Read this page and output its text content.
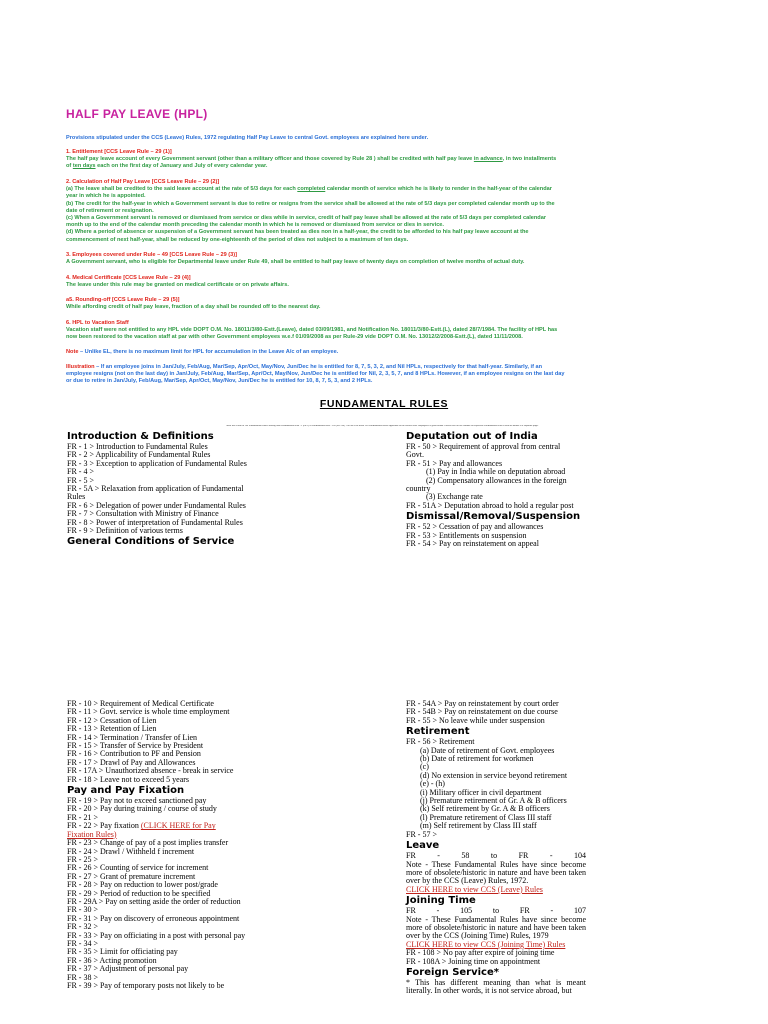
HALF PAY LEAVE (HPL)
Provisions stipulated under the CCS (Leave) Rules, 1972 regulating Half Pay Leave to central Govt. employees are explained here under.

1. Entitlement [CCS Leave Rule – 29 (1)]

The half pay leave account of every Government servant (other than a military officer and those covered by Rule 28 ) shall be credited with half pay leave in advance, in two installments

of ten days each on the first day of January and July of every calendar year.

2. Calculation of Half Pay Leave [CCS Leave Rule – 29 (2)]

(a) The leave shall be credited to the said leave account at the rate of 5/3 days for each completed calendar month of service which he is likely to render in the half-year of the calendar

year in which he is appointed.

(b) The credit for the half-year in which a Government servant is due to retire or resigns from the service shall be allowed at the rate of 5/3 days per completed calendar month up to the

date of retirement or resignation.

(c) When a Government servant is removed or dismissed from service or dies while in service, credit of half pay leave shall be allowed at the rate of 5/3 days per completed calendar

month up to the end of the calendar month preceding the calendar month in which he is removed or dismissed from service or dies in service.

(d) Where a period of absence or suspension of a Government servant has been treated as dies non in a half-year, the credit to be afforded to his half pay leave account at the

commencement of next half-year, shall be reduced by one-eighteenth of the period of dies not subject to a maximum of ten days.

3. Employees covered under Rule – 49 [CCS Leave Rule – 29 (3)]

A Government servant, who is eligible for Departmental leave under Rule 49, shall be entitled to half pay leave of twenty days on completion of twelve months of actual duty.

4. Medical Certificate [CCS Leave Rule – 29 (4)]

The leave under this rule may be granted on medical certificate or on private affairs.

a5. Rounding-off [CCS Leave Rule – 29 (5)]

While affording credit of half pay leave, fraction of a day shall be rounded off to the nearest day.

6. HPL to Vacation Staff

Vacation staff were not entitled to any HPL vide DOPT O.M. No. 18011/3/80-Estt.(Leave), dated 03/09/1981, and Notification No. 18011/3/80-Estt.(L), dated 28/7/1984. The facility of HPL has

now been restored to the vacation staff at par with other Government employees w.e.f 01/09/2008 as per Rule-29 vide DOPT O.M. No. 13012/2/2008-Estt.(L), dated 11/11/2008.

Note – Unlike EL, there is no maximum limit for HPL for accumulation in the Leave A/c of an employee.

Illustration – If an employee joins in Jan/July, Feb/Aug, Mar/Sep, Apr/Oct, May/Nov, Jun/Dec he is entitled for 8, 7, 5, 3, 2, and Nil HPLs, respectively for that half-year. Similarly, if an

employee resigns (not on the last day) in Jan/July, Feb/Aug, Mar/Sep, Apr/Oct, May/Nov, Jun/Dec he is entitled for Nil, 2, 3, 5, 7, and 8 HPLs. However, if an employee resigns on the last day

or due to retire in Jan/July, Feb/Aug, Mar/Sep, Apr/Oct, May/Nov, Jun/Dec he is entitled for 10, 8, 7, 5, 3, and 2 HPLs.

FUNDAMENTAL RULES
There are a total of 134 Fundamental Rules starting from Fundamental Rule - 1 (FR 1) to Fundamental Rule - 134 (FR 134). The list of all these 134 Fundamental Rules applicable to the central Govt. employees is given below. Please click on the number of respective Fundamental Rule to view its details in a separate page.
Introduction & Definitions
FR - 1 > Introduction to Fundamental Rules
FR - 2 > Applicability of Fundamental Rules
FR - 3 > Exception to application of Fundamental Rules
FR - 4 >
FR - 5 >
FR - 5A > Relaxation from application of Fundamental
Rules
FR - 6 > Delegation of power under Fundamental Rules
FR - 7 > Consultation with Ministry of Finance
FR - 8 > Power of interpretation of Fundamental Rules
FR - 9 > Definition of various terms
General Conditions of Service
Deputation out of India
FR - 50 > Requirement of approval from central
Govt.
FR - 51 > Pay and allowances
(1) Pay in India while on deputation abroad
(2) Compensatory allowances in the foreign
country
(3) Exchange rate
FR - 51A > Deputation abroad to hold a regular post
Dismissal/Removal/Suspension
FR - 52 > Cessation of pay and allowances
FR - 53 > Entitlements on suspension
FR - 54 > Pay on reinstatement on appeal
FR - 10 > Requirement of Medical Certificate
FR - 11 > Govt. service is whole time employment
FR - 12 > Cessation of Lien
FR - 13 > Retention of Lien
FR - 14 > Termination / Transfer of Lien
FR - 15 > Transfer of Service by President
FR - 16 > Contribution to PF and Pension
FR - 17 > Drawl of Pay and Allowances
FR - 17A > Unauthorized absence - break in service
FR - 18 > Leave not to exceed 5 years
Pay and Pay Fixation
FR - 19 > Pay not to exceed sanctioned pay
FR - 20 > Pay during training / course of study
FR - 21 >
FR - 22 > Pay fixation (CLICK HERE for Pay
Fixation Rules)
FR - 23 > Change of pay of a post implies transfer
FR - 24 > Drawl / Withheld f increment
FR - 25 >
FR - 26 > Counting of service for increment
FR - 27 > Grant of premature increment
FR - 28 > Pay on reduction to lower post/grade
FR - 29 > Period of reduction to be specified
FR - 29A > Pay on setting aside the order of reduction
FR - 30 >
FR - 31 > Pay on discovery of erroneous appointment
FR - 32 >
FR - 33 > Pay on officiating in a post with personal pay
FR - 34 >
FR - 35 > Limit for officiating pay
FR - 36 > Acting promotion
FR - 37 > Adjustment of personal pay
FR - 38 >
FR - 39 > Pay of temporary posts not likely to be
FR - 54A > Pay on reinstatement by court order
FR - 54B > Pay on reinstatement on due course
FR - 55 > No leave while under suspension
Retirement
FR - 56 > Retirement
(a) Date of retirement of Govt. employees
(b) Date of retirement for workmen
(c)
(d) No extension in service beyond retirement
(e) - (h)
(i) Military officer in civil department
(j) Premature retirement of Gr. A & B officers
(k) Self retirement by Gr. A & B officers
(l) Premature retirement of Class III staff
(m) Self retirement by Class III staff
FR - 57 >
Leave
FR	-	58	to	FR	-	104
Note - These Fundamental Rules have since become more of obsolete/historic in nature and have been taken over by the CCS (Leave) Rules, 1972.
CLICK HERE to view CCS (Leave) Rules
Joining Time
FR	-	105	to	FR	-	107
Note - These Fundamental Rules have since become more of obsolete/historic in nature and have been taken over by the CCS (Joining Time) Rules, 1979
CLICK HERE to view CCS (Joining Time) Rules
FR - 108 > No pay after expire of joining time
FR - 108A > Joining time on appointment
Foreign Service*
* This has different meaning than what is meant literally. In other words, it is not service abroad, but
